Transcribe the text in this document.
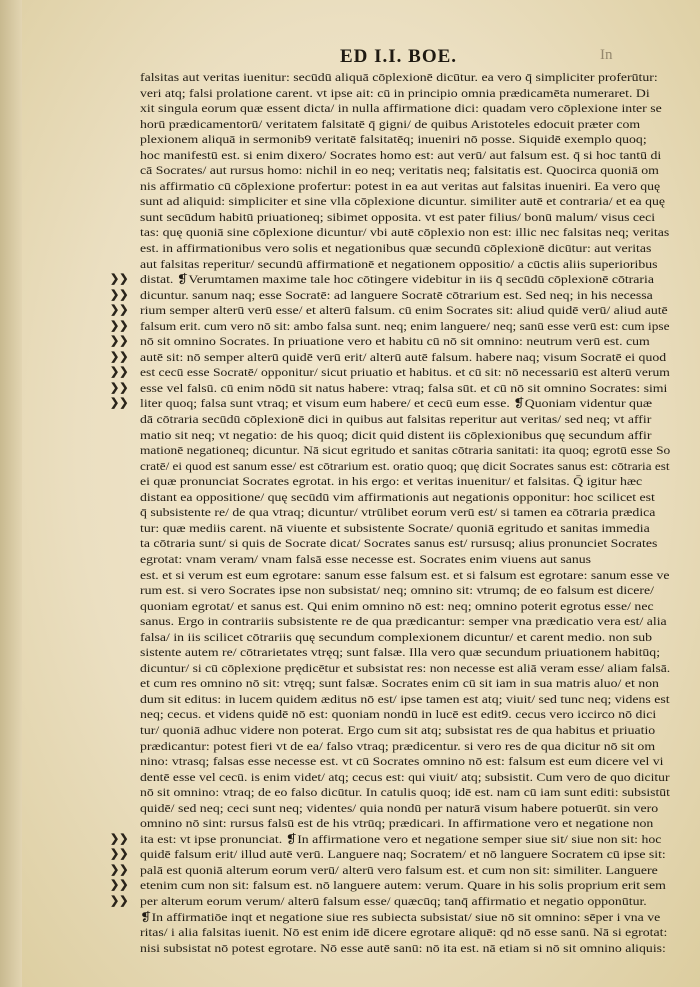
ED I.I. BOE.	In
falsitas aut veritas iuenitur: secūdū aliquā cōplexionē dicūtur. ea vero q̄ simpliciter proferūtur:
veri atq; falsi prolatione carent. vt ipse ait: cū in principio omnia prædicamēta numeraret. Di
xit singula eorum quæ essent dicta/ in nulla affirmatione dici: quadam vero cōplexione inter se
horū prædicamentorū/ veritatem falsitatē q̄ gigni/ de quibus Aristoteles edocuit præter com
plexionem aliquā in sermonib9 veritatē falsitatēq; inueniri nō posse. Siquidē exemplo quoq;
hoc manifestū est. si enim dixero/ Socrates homo est: aut verū/ aut falsum est. q̄ si hoc tantū di
cā Socrates/ aut rursus homo: nichil in eo neq; veritatis neq; falsitatis est. Quocirca quoniā om
nis affirmatio cū cōplexione profertur: potest in ea aut veritas aut falsitas inueniri. Ea vero quę
sunt ad aliquid: simpliciter et sine vlla cōplexione dicuntur. similiter autē et contraria/ et ea quę
sunt secūdum habitū priuationeq; sibimet opposita. vt est pater filius/ bonū malum/ visus ceci
tas: quę quoniā sine cōplexione dicuntur/ vbi autē cōplexio non est: illic nec falsitas neq; veritas
est. in affirmationibus vero solis et negationibus quæ secundū cōplexionē dicūtur: aut veritas
aut falsitas reperitur/ secundū affirmationē et negationem oppositio/ a cūctis aliis superioribus
❯❯ distat. ❡Verumtamen maxime tale hoc cōtingere videbitur in iis q̄ secūdū cōplexionē cōtraria
❯❯ dicuntur. sanum naq; esse Socratē: ad languere Socratē cōtrarium est. Sed neq; in his necessa
❯❯ rium semper alterū verū esse/ et alterū falsum. cū enim Socrates sit: aliud quidē verū/ aliud autē
❯❯ falsum erit. cum vero nō sit: ambo falsa sunt. neq; enim languere/ neq; sanū esse verū est: cum ipse
❯❯ nō sit omnino Socrates. In priuatione vero et habitu cū nō sit omnino: neutrum verū est. cum
❯❯ autē sit: nō semper alterū quidē verū erit/ alterū autē falsum. habere naq; visum Socratē ei quod
❯❯ est cecū esse Socratē/ opponitur/ sicut priuatio et habitus. et cū sit: nō necessariū est alterū verum
❯❯ esse vel falsū. cū enim nōdū sit natus habere: vtraq; falsa sūt. et cū nō sit omnino Socrates: simi
❯❯ liter quoq; falsa sunt vtraq; et visum eum habere/ et cecū eum esse. ❡Quoniam videntur quæ
dā cōtraria secūdū cōplexionē dici in quibus aut falsitas reperitur aut veritas/ sed neq; vt affir
matio sit neq; vt negatio: de his quoq; dicit quid distent iis cōplexionibus quę secundum affir
mationē negationeq; dicuntur. Nā sicut egritudo et sanitas cōtraria sanitati: ita quoq; egrotū esse So
cratē/ ei quod est sanum esse/ est cōtrarium est. oratio quoq; quę dicit Socrates sanus est: cōtraria est
ei quæ pronunciat Socrates egrotat. in his ergo: et veritas inuenitur/ et falsitas. Q̄ igitur hæc
distant ea oppositione/ quę secūdū vim affirmationis aut negationis opponitur: hoc scilicet est
q̄ subsistente re/ de qua vtraq; dicuntur/ vtrūlibet eorum verū est/ si tamen ea cōtraria prædica
tur: quæ mediis carent. nā viuente et subsistente Socrate/ quoniā egritudo et sanitas immedia
ta cōtraria sunt/ si quis de Socrate dicat/ Socrates sanus est/ rursusq; alius pronunciet Socrates
egrotat: vnam veram/ vnam falsā esse necesse est. Socrates enim viuens aut sanus
est. et si verum est eum egrotare: sanum esse falsum est. et si falsum est egrotare: sanum esse ve
rum est. si vero Socrates ipse non subsistat/ neq; omnino sit: vtrumq; de eo falsum est dicere/
quoniam egrotat/ et sanus est. Qui enim omnino nō est: neq; omnino poterit egrotus esse/ nec
sanus. Ergo in contrariis subsistente re de qua prædicantur: semper vna prædicatio vera est/ alia
falsa/ in iis scilicet cōtrariis quę secundum complexionem dicuntur/ et carent medio. non sub
sistente autem re/ cōtrarietates vtręq; sunt falsæ. Illa vero quæ secundum priuationem habitūq;
dicuntur/ si cū cōplexione prędicētur et subsistat res: non necesse est aliā veram esse/ aliam falsā.
et cum res omnino nō sit: vtręq; sunt falsæ. Socrates enim cū sit iam in sua matris aluo/ et non
dum sit editus: in lucem quidem æditus nō est/ ipse tamen est atq; viuit/ sed tunc neq; videns est
neq; cecus. et videns quidē nō est: quoniam nondū in lucē est edit9. cecus vero iccirco nō dici
tur/ quoniā adhuc videre non poterat. Ergo cum sit atq; subsistat res de qua habitus et priuatio
prædicantur: potest fieri vt de ea/ falso vtraq; prædicentur. si vero res de qua dicitur nō sit om
nino: vtrasq; falsas esse necesse est. vt cū Socrates omnino nō est: falsum est eum dicere vel vi
dentē esse vel cecū. is enim videt/ atq; cecus est: qui viuit/ atq; subsistit. Cum vero de quo dicitur
nō sit omnino: vtraq; de eo falso dicūtur. In catulis quoq; idē est. nam cū iam sunt editi: subsistūt
quidē/ sed neq; ceci sunt neq; videntes/ quia nondū per naturā visum habere potuerūt. sin vero
omnino nō sint: rursus falsū est de his vtrūq; prædicari. In affirmatione vero et negatione non
❯❯ ita est: vt ipse pronunciat. ❡In affirmatione vero et negatione semper siue sit/ siue non sit: hoc
❯❯ quidē falsum erit/ illud autē verū. Languere naq; Socratem/ et nō languere Socratem cū ipse sit:
❯❯ palā est quoniā alterum eorum verū/ alterū vero falsum est. et cum non sit: similiter. Languere
❯❯ etenim cum non sit: falsum est. nō languere autem: verum. Quare in his solis proprium erit sem
❯❯ per alterum eorum verum/ alterū falsum esse/ quæcūq; tanq̄ affirmatio et negatio opponūtur.
❡In affirmatiōe inqt et negatione siue res subiecta subsistat/ siue nō sit omnino: sēper i vna ve
ritas/ i alia falsitas iuenit. Nō est enim idē dicere egrotare aliquē: qd nō esse sanū. Nā si egrotat:
nisi subsistat nō potest egrotare. Nō esse autē sanū: nō ita est. nā etiam si nō sit omnino aliquis:
